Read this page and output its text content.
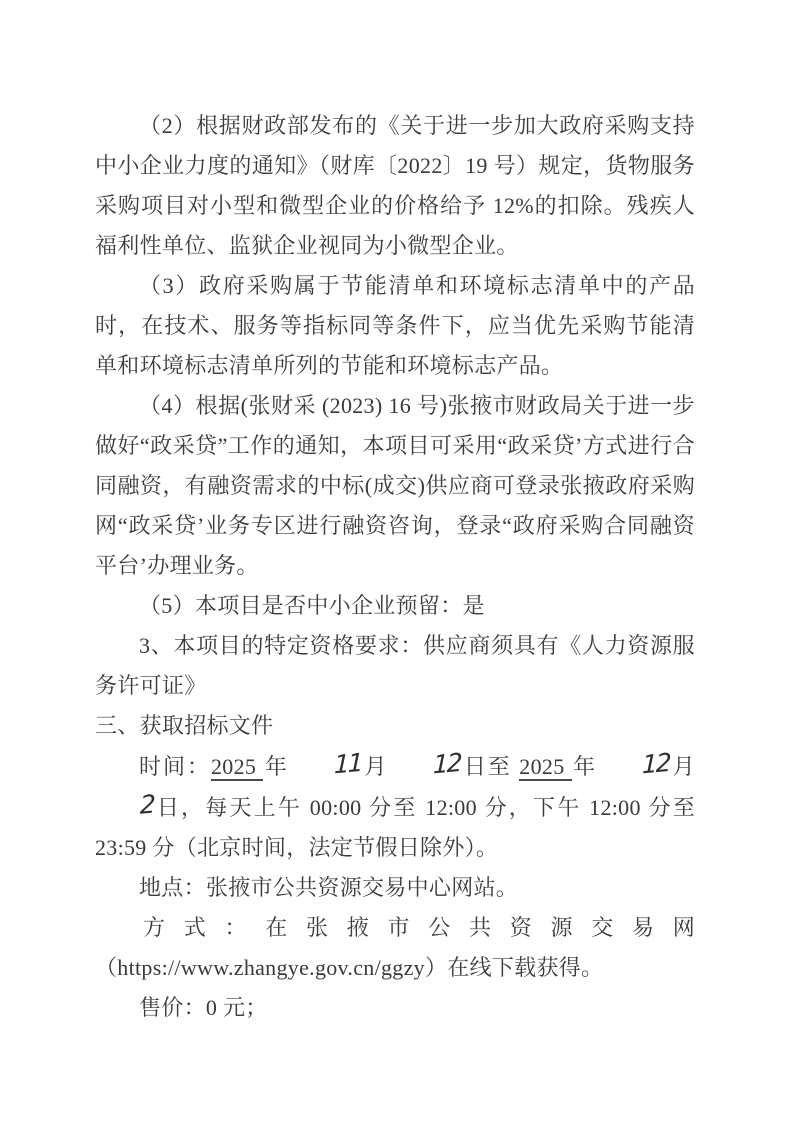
（2）根据财政部发布的《关于进一步加大政府采购支持中小企业力度的通知》（财库〔2022〕19 号）规定，货物服务采购项目对小型和微型企业的价格给予 12%的扣除。残疾人福利性单位、监狱企业视同为小微型企业。

（3）政府采购属于节能清单和环境标志清单中的产品时，在技术、服务等指标同等条件下，应当优先采购节能清单和环境标志清单所列的节能和环境标志产品。

（4）根据(张财采 (2023) 16 号)张掖市财政局关于进一步做好“政采贷”工作的通知，本项目可采用“政采贷’方式进行合同融资，有融资需求的中标(成交)供应商可登录张掖政府采购网“政采贷’业务专区进行融资咨询，登录“政府采购合同融资平台’办理业务。

（5）本项目是否中小企业预留：是

3、本项目的特定资格要求：供应商须具有《人力资源服务许可证》

三、获取招标文件

时间：2025 年 11月 12日至 2025 年 12月2日，每天上午 00:00 分至 12:00 分，下午 12:00 分至 23:59 分（北京时间，法定节假日除外）。

地点：张掖市公共资源交易中心网站。

方式：在张掖市公共资源交易网
（https://www.zhangye.gov.cn/ggzy）在线下载获得。

售价：0 元；
